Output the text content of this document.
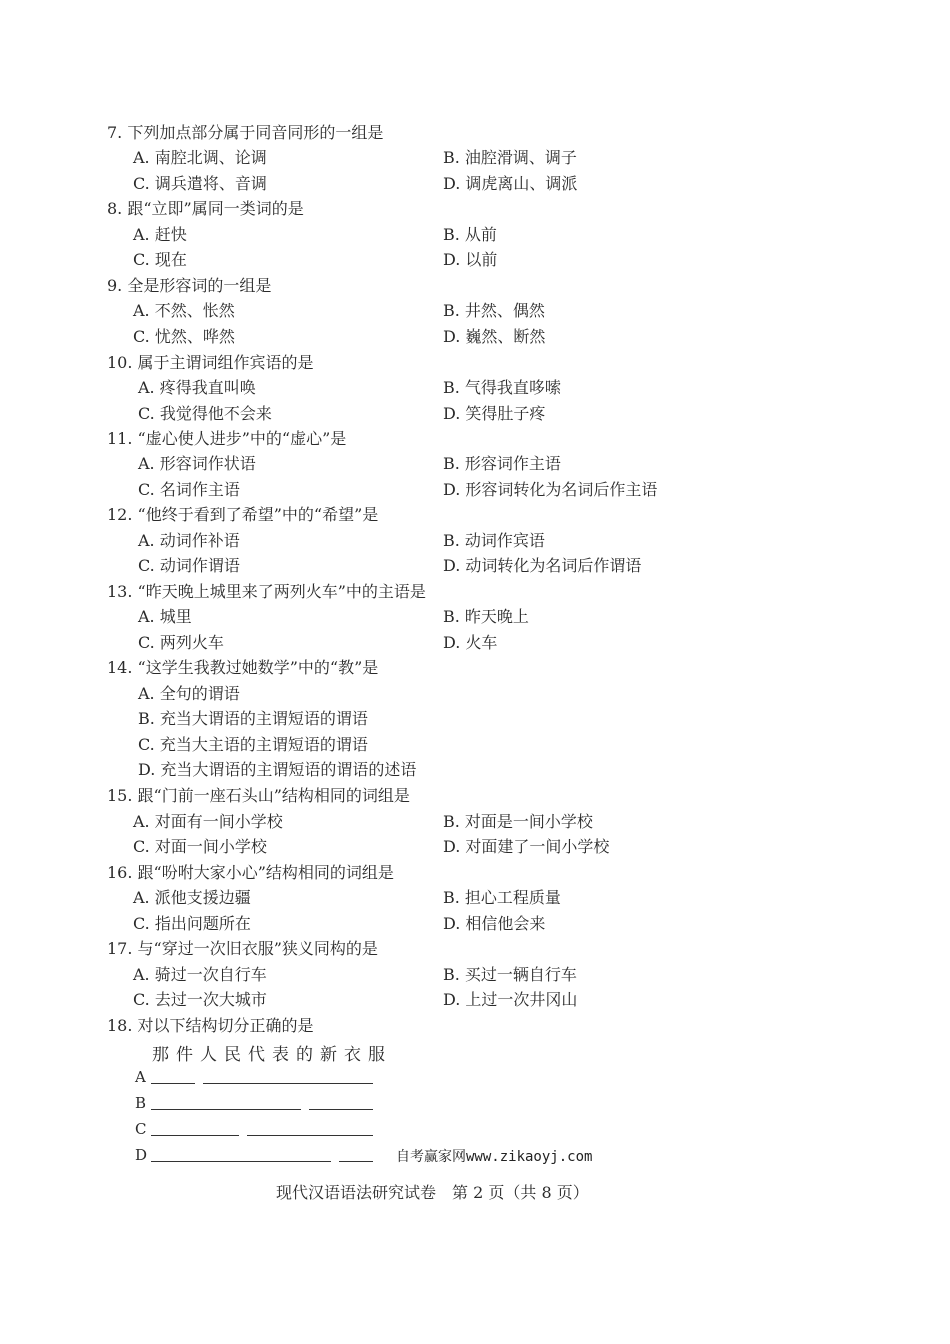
7. 下列加点部分属于同音同形的一组是
A. 南腔北调、论调	B. 油腔滑调、调子
C. 调兵遣将、音调	D. 调虎离山、调派
8. 跟“立即”属同一类词的是
A. 赶快	B. 从前
C. 现在	D. 以前
9. 全是形容词的一组是
A. 不然、怅然	B. 井然、偶然
C. 忧然、哗然	D. 巍然、断然
10. 属于主谓词组作宾语的是
A. 疼得我直叫唤	B. 气得我直哆嗦
C. 我觉得他不会来	D. 笑得肚子疼
11. “虚心使人进步”中的“虚心”是
A. 形容词作状语	B. 形容词作主语
C. 名词作主语	D. 形容词转化为名词后作主语
12. “他终于看到了希望”中的“希望”是
A. 动词作补语	B. 动词作宾语
C. 动词作谓语	D. 动词转化为名词后作谓语
13. “昨天晚上城里来了两列火车”中的主语是
A. 城里	B. 昨天晚上
C. 两列火车	D. 火车
14. “这学生我教过她数学”中的“教”是
A. 全句的谓语
B. 充当大谓语的主谓短语的谓语
C. 充当大主语的主谓短语的谓语
D. 充当大谓语的主谓短语的谓语的述语
15. 跟“门前一座石头山”结构相同的词组是
A. 对面有一间小学校	B. 对面是一间小学校
C. 对面一间小学校	D. 对面建了一间小学校
16. 跟“吩咐大家小心”结构相同的词组是
A. 派他支援边疆	B. 担心工程质量
C. 指出问题所在	D. 相信他会来
17. 与“穿过一次旧衣服”狭义同构的是
A. 骑过一次自行车	B. 买过一辆自行车
C. 去过一次大城市	D. 上过一次井冈山
18. 对以下结构切分正确的是
那件人民代表的新衣服
A
B
C
D	自考赢家网www.zikaoyj.com
现代汉语语法研究试卷　第 2 页（共 8 页）
